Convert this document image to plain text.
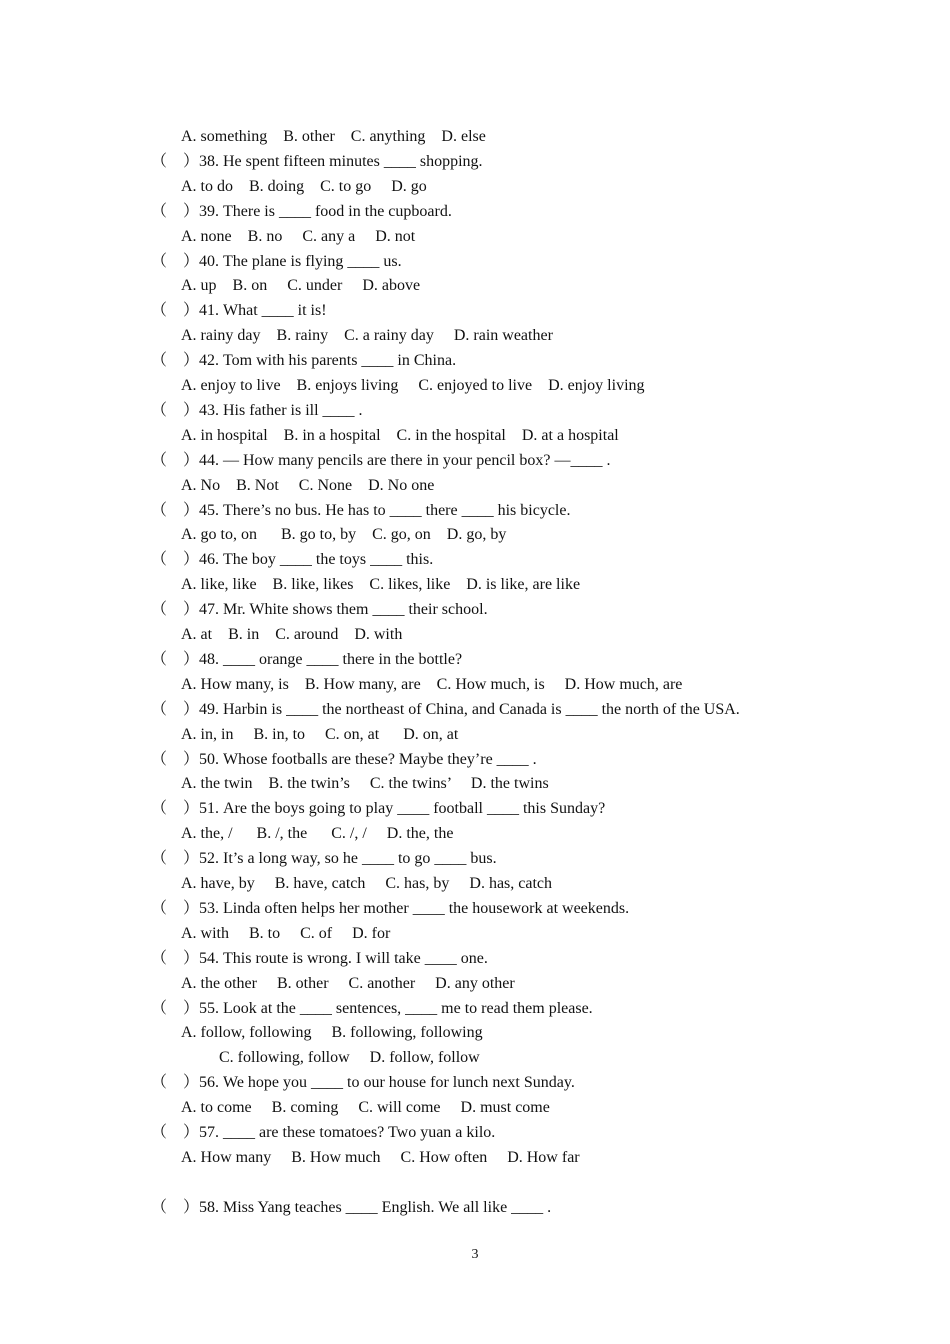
A. something    B. other    C. anything    D. else
（    ）38. He spent fifteen minutes ____ shopping.
A. to do    B. doing    C. to go     D. go
（    ）39. There is ____ food in the cupboard.
A. none    B. no     C. any a     D. not
（    ）40. The plane is flying ____ us.
A. up    B. on     C. under     D. above
（    ）41. What ____ it is!
A. rainy day    B. rainy    C. a rainy day     D. rain weather
（    ）42. Tom with his parents ____ in China.
A. enjoy to live    B. enjoys living     C. enjoyed to live    D. enjoy living
（    ）43. His father is ill ____ .
A. in hospital    B. in a hospital    C. in the hospital    D. at a hospital
（    ）44. — How many pencils are there in your pencil box? —____ .
A. No    B. Not     C. None    D. No one
（    ）45. There’s no bus. He has to ____ there ____ his bicycle.
A. go to, on      B. go to, by    C. go, on    D. go, by
（    ）46. The boy ____ the toys ____ this.
A. like, like    B. like, likes    C. likes, like    D. is like, are like
（    ）47. Mr. White shows them ____ their school.
A. at    B. in    C. around    D. with
（    ）48. ____ orange ____ there in the bottle?
A. How many, is    B. How many, are    C. How much, is     D. How much, are
（    ）49. Harbin is ____ the northeast of China, and Canada is ____ the north of the USA.
A. in, in     B. in, to     C. on, at      D. on, at
（    ）50. Whose footballs are these? Maybe they’re ____ .
A. the twin    B. the twin’s     C. the twins’     D. the twins
（    ）51. Are the boys going to play ____ football ____ this Sunday?
A. the, /      B. /, the      C. /, /     D. the, the
（    ）52. It’s a long way, so he ____ to go ____ bus.
A. have, by     B. have, catch     C. has, by     D. has, catch
（    ）53. Linda often helps her mother ____ the housework at weekends.
A. with     B. to     C. of     D. for
（    ）54. This route is wrong. I will take ____ one.
A. the other     B. other     C. another     D. any other
（    ）55. Look at the ____ sentences, ____ me to read them please.
A. follow, following     B. following, following
C. following, follow     D. follow, follow
（    ）56. We hope you ____ to our house for lunch next Sunday.
A. to come     B. coming     C. will come     D. must come
（    ）57. ____ are these tomatoes? Two yuan a kilo.
A. How many     B. How much     C. How often     D. How far
（    ）58. Miss Yang teaches ____ English. We all like ____ .
3
